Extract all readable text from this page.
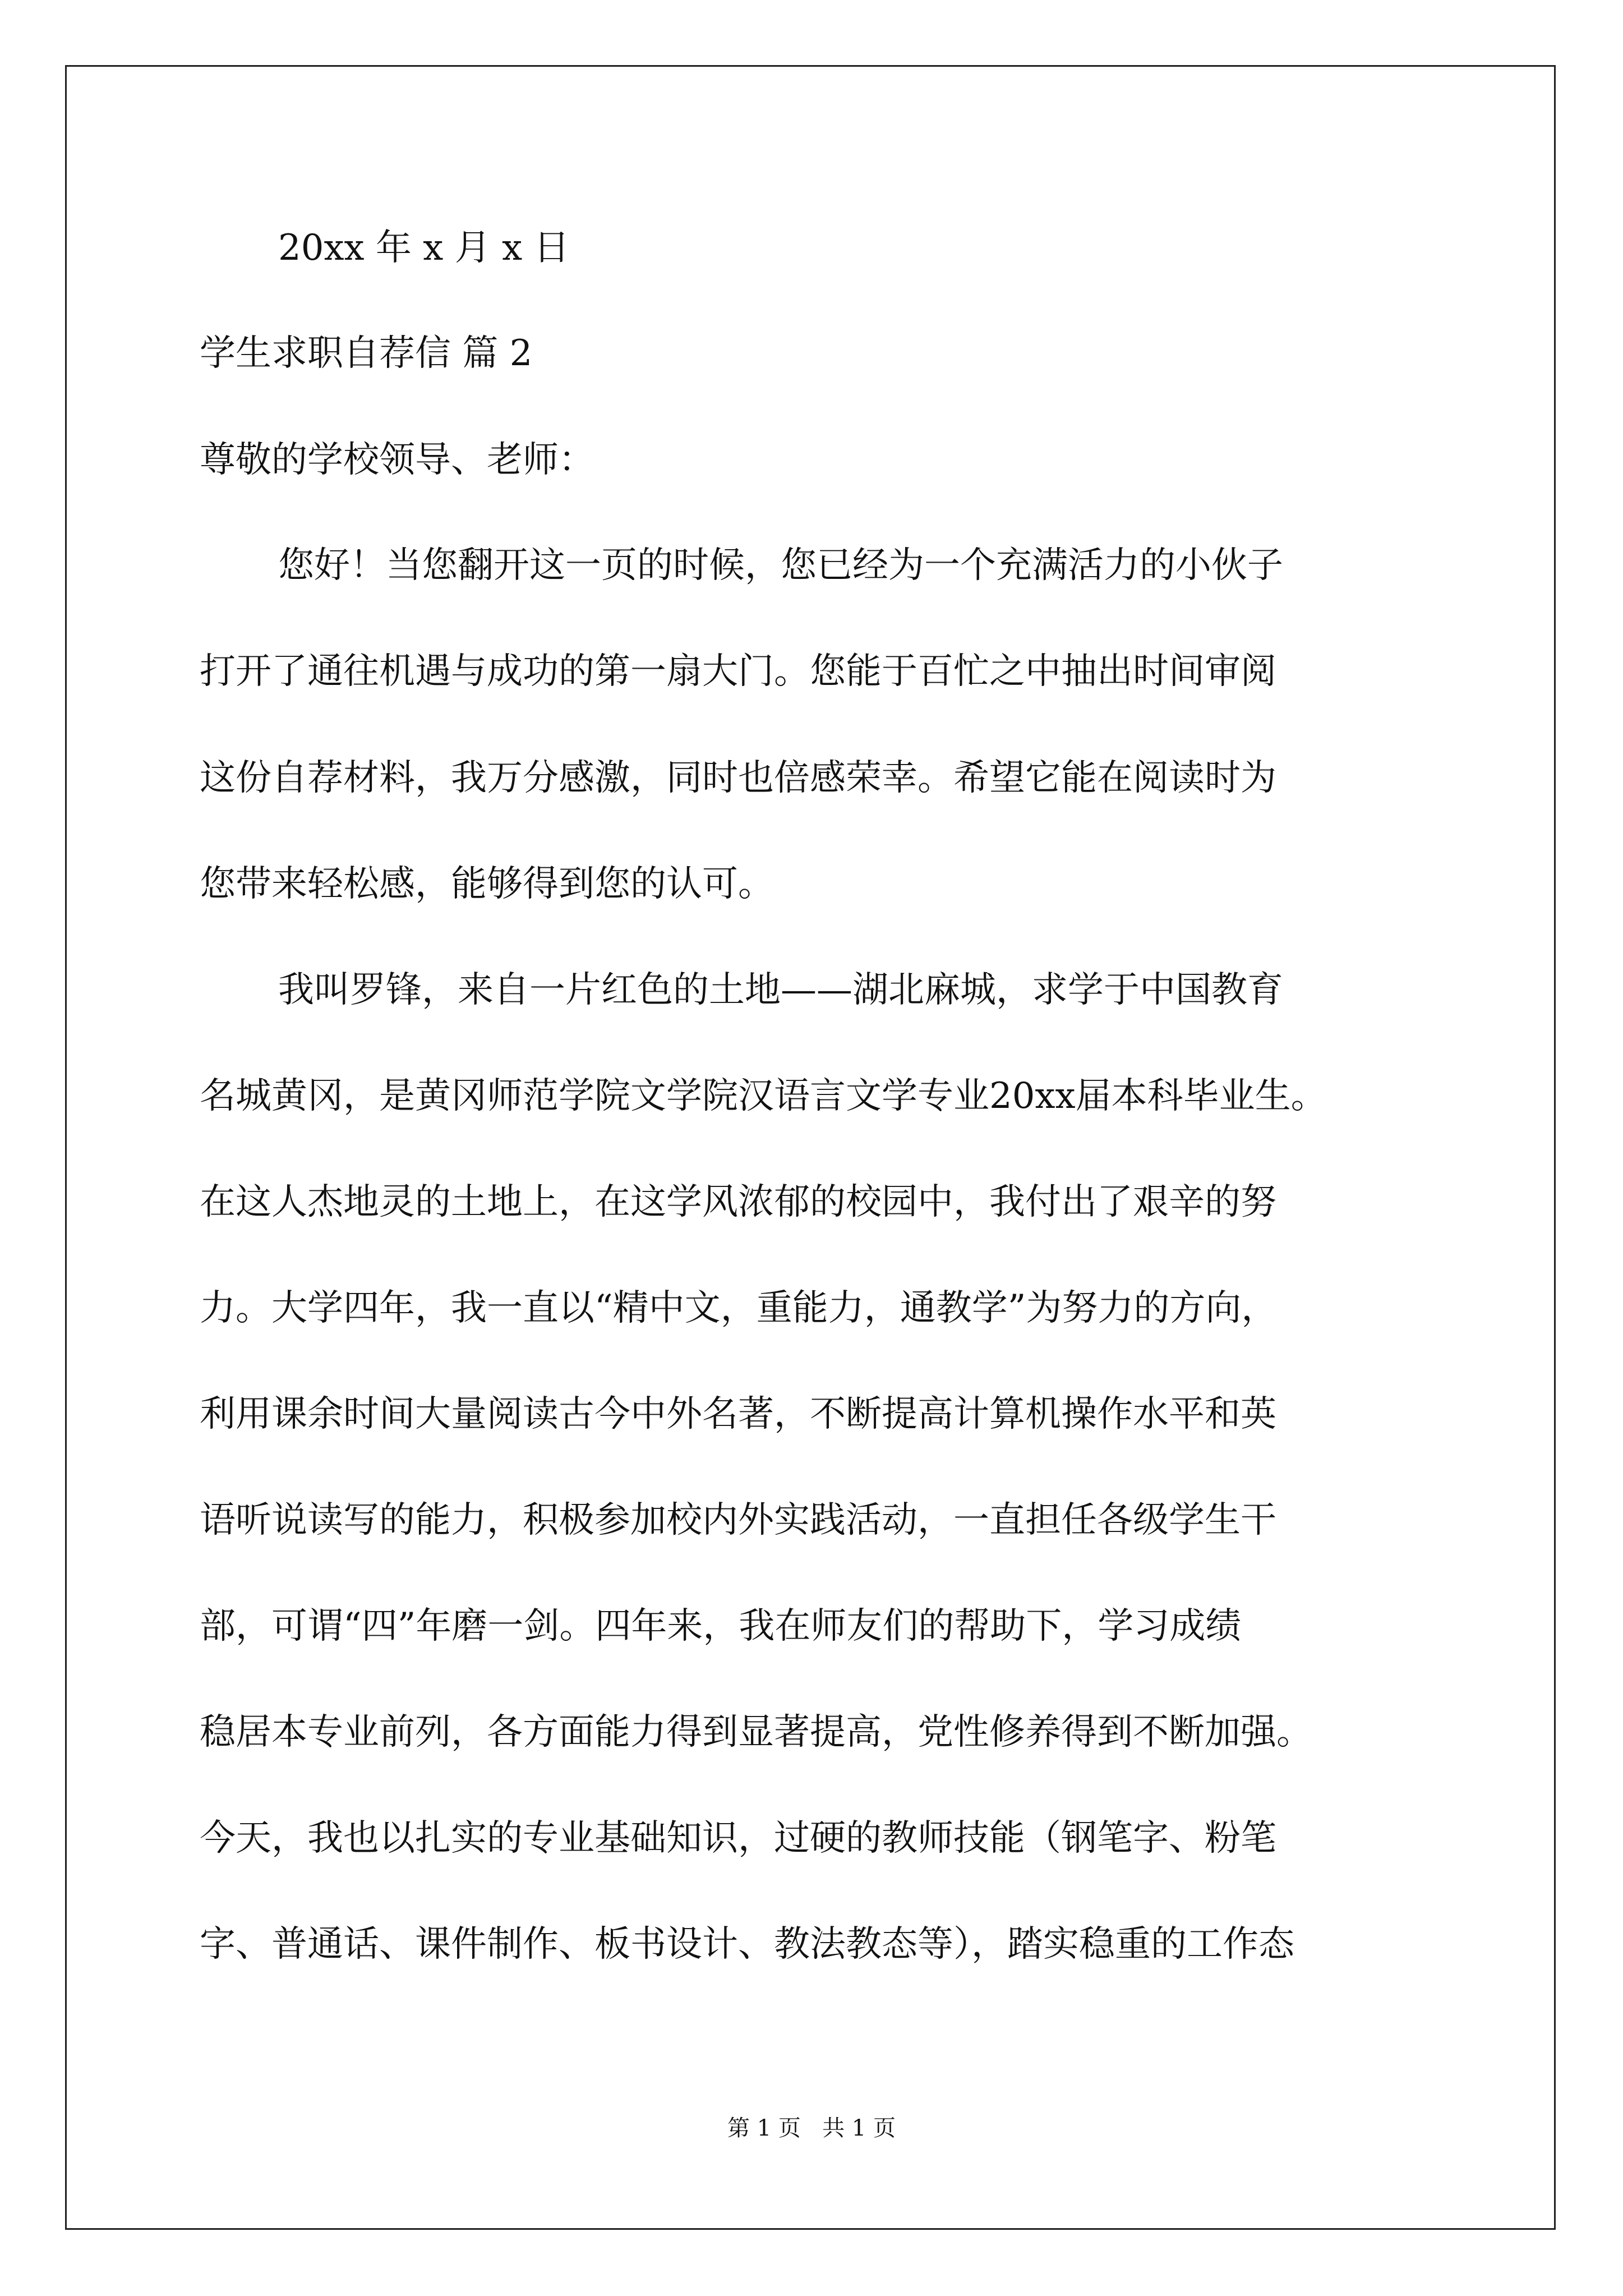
20xx 年 x 月 x 日
学生求职自荐信 篇 2
尊敬的学校领导、老师：
您好！当您翻开这一页的时候，您已经为一个充满活力的小伙子
打开了通往机遇与成功的第一扇大门。您能于百忙之中抽出时间审阅
这份自荐材料，我万分感激，同时也倍感荣幸。希望它能在阅读时为
您带来轻松感，能够得到您的认可。
我叫罗锋，来自一片红色的土地——湖北麻城，求学于中国教育
名城黄冈，是黄冈师范学院文学院汉语言文学专业20xx届本科毕业生。
在这人杰地灵的土地上，在这学风浓郁的校园中，我付出了艰辛的努
力。大学四年，我一直以“精中文，重能力，通教学”为努力的方向，
利用课余时间大量阅读古今中外名著，不断提高计算机操作水平和英
语听说读写的能力，积极参加校内外实践活动，一直担任各级学生干
部，可谓“四”年磨一剑。四年来，我在师友们的帮助下，学习成绩
稳居本专业前列，各方面能力得到显著提高，党性修养得到不断加强。
今天，我也以扎实的专业基础知识，过硬的教师技能（钢笔字、粉笔
字、普通话、课件制作、板书设计、教法教态等），踏实稳重的工作态
第 1 页   共 1 页
